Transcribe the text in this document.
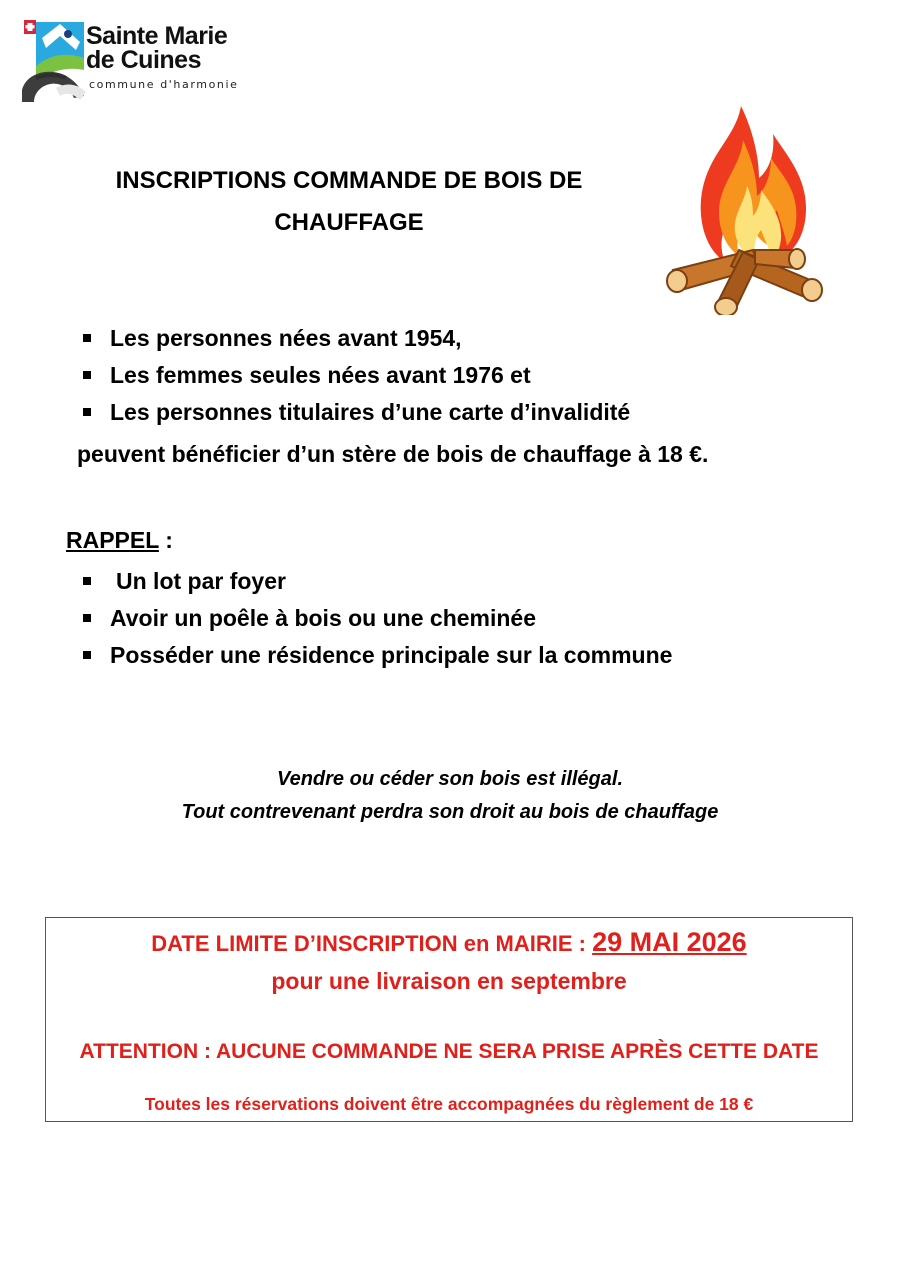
Sainte Marie
de Cuines
commune d'harmonie
INSCRIPTIONS COMMANDE DE BOIS DE
CHAUFFAGE
Les personnes nées avant 1954,
Les femmes seules nées avant 1976 et
Les personnes titulaires d’une carte d’invalidité
peuvent bénéficier d’un stère de bois de chauffage à 18 €.
RAPPEL :
Un lot par foyer
Avoir un poêle à bois ou une cheminée
Posséder une résidence principale sur la commune
Vendre ou céder son bois est illégal.
Tout contrevenant perdra son droit au bois de chauffage
DATE LIMITE D’INSCRIPTION en MAIRIE : 29 MAI 2026
pour une livraison en septembre
ATTENTION : AUCUNE COMMANDE NE SERA PRISE APRÈS CETTE DATE
Toutes les réservations doivent être accompagnées du règlement de 18 €
